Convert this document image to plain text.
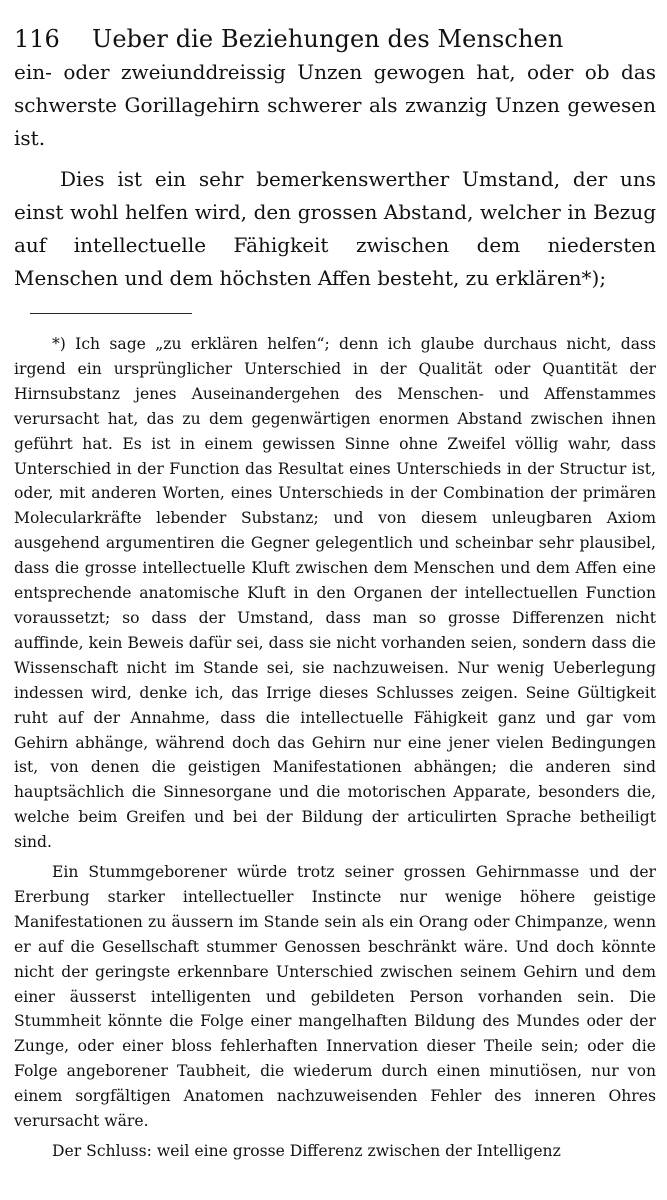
116	Ueber die Beziehungen des Menschen

ein- oder zweiunddreissig Unzen gewogen hat, oder ob das schwerste Gorillagehirn schwerer als zwanzig Unzen gewesen ist.

Dies ist ein sehr bemerkenswerther Umstand, der uns einst wohl helfen wird, den grossen Abstand, welcher in Bezug auf intellectuelle Fähigkeit zwischen dem niedersten Menschen und dem höchsten Affen besteht, zu erklären*);

*) Ich sage „zu erklären helfen“; denn ich glaube durchaus nicht, dass irgend ein ursprünglicher Unterschied in der Qualität oder Quantität der Hirnsubstanz jenes Auseinandergehen des Menschen- und Affenstammes verursacht hat, das zu dem gegenwärtigen enormen Abstand zwischen ihnen geführt hat. Es ist in einem gewissen Sinne ohne Zweifel völlig wahr, dass Unterschied in der Function das Resultat eines Unterschieds in der Structur ist, oder, mit anderen Worten, eines Unterschieds in der Combination der primären Molecularkräfte lebender Substanz; und von diesem unleugbaren Axiom ausgehend argumentiren die Gegner gelegentlich und scheinbar sehr plausibel, dass die grosse intellectuelle Kluft zwischen dem Menschen und dem Affen eine entsprechende anatomische Kluft in den Organen der intellectuellen Function voraussetzt; so dass der Umstand, dass man so grosse Differenzen nicht auffinde, kein Beweis dafür sei, dass sie nicht vorhanden seien, sondern dass die Wissenschaft nicht im Stande sei, sie nachzuweisen. Nur wenig Ueberlegung indessen wird, denke ich, das Irrige dieses Schlusses zeigen. Seine Gültigkeit ruht auf der Annahme, dass die intellectuelle Fähigkeit ganz und gar vom Gehirn abhänge, während doch das Gehirn nur eine jener vielen Bedingungen ist, von denen die geistigen Manifestationen abhängen; die anderen sind hauptsächlich die Sinnesorgane und die motorischen Apparate, besonders die, welche beim Greifen und bei der Bildung der articulirten Sprache betheiligt sind.

Ein Stummgeborener würde trotz seiner grossen Gehirnmasse und der Ererbung starker intellectueller Instincte nur wenige höhere geistige Manifestationen zu äussern im Stande sein als ein Orang oder Chimpanze, wenn er auf die Gesellschaft stummer Genossen beschränkt wäre. Und doch könnte nicht der geringste erkennbare Unterschied zwischen seinem Gehirn und dem einer äusserst intelligenten und gebildeten Person vorhanden sein. Die Stummheit könnte die Folge einer mangelhaften Bildung des Mundes oder der Zunge, oder einer bloss fehlerhaften Innervation dieser Theile sein; oder die Folge angeborener Taubheit, die wiederum durch einen minutiösen, nur von einem sorgfältigen Anatomen nachzuweisenden Fehler des inneren Ohres verursacht wäre.

Der Schluss: weil eine grosse Differenz zwischen der Intelligenz
